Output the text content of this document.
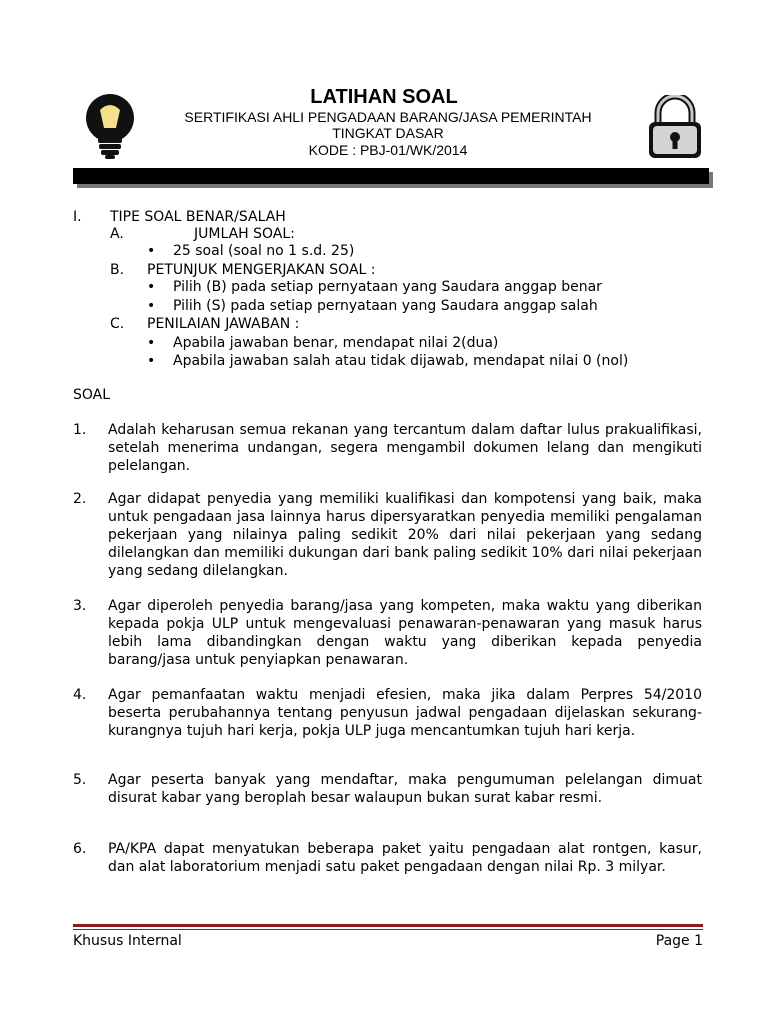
LATIHAN SOAL
SERTIFIKASI AHLI PENGADAAN BARANG/JASA PEMERINTAH
TINGKAT DASAR
KODE : PBJ-01/WK/2014
I. TIPE SOAL BENAR/SALAH
A.	JUMLAH SOAL:
• 25 soal (soal no 1 s.d. 25)
B. PETUNJUK MENGERJAKAN SOAL :
• Pilih (B) pada setiap pernyataan yang Saudara anggap benar
• Pilih (S) pada setiap pernyataan yang Saudara anggap salah
C. PENILAIAN JAWABAN :
• Apabila jawaban benar, mendapat nilai 2(dua)
• Apabila jawaban salah atau tidak dijawab, mendapat nilai 0 (nol)
SOAL
1. Adalah keharusan semua rekanan yang tercantum dalam daftar lulus prakualifikasi, setelah menerima undangan, segera mengambil dokumen lelang dan mengikuti pelelangan.
2. Agar didapat penyedia yang memiliki kualifikasi dan kompotensi yang baik, maka untuk pengadaan jasa lainnya harus dipersyaratkan penyedia memiliki pengalaman pekerjaan yang nilainya paling sedikit 20% dari nilai pekerjaan yang sedang dilelangkan dan memiliki dukungan dari bank paling sedikit 10% dari nilai pekerjaan yang sedang dilelangkan.
3. Agar diperoleh penyedia barang/jasa yang kompeten, maka waktu yang diberikan kepada pokja ULP untuk mengevaluasi penawaran-penawaran yang masuk harus lebih lama dibandingkan dengan waktu yang diberikan kepada penyedia barang/jasa untuk penyiapkan penawaran.
4. Agar pemanfaatan waktu menjadi efesien, maka jika dalam Perpres 54/2010 beserta perubahannya tentang penyusun jadwal pengadaan dijelaskan sekurang-kurangnya tujuh hari kerja, pokja ULP juga mencantumkan tujuh hari kerja.
5. Agar peserta banyak yang mendaftar, maka pengumuman pelelangan dimuat disurat kabar yang beroplah besar walaupun bukan surat kabar resmi.
6. PA/KPA dapat menyatukan beberapa paket yaitu pengadaan alat rontgen, kasur, dan alat laboratorium menjadi satu paket pengadaan dengan nilai Rp. 3 milyar.
Khusus Internal	Page 1
